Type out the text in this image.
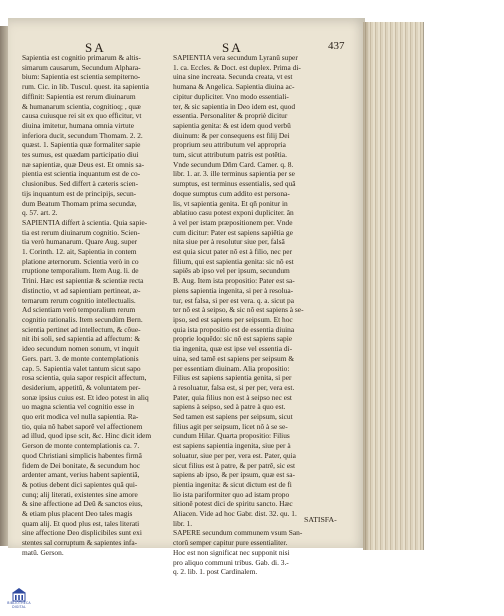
SA	SA	437
Sapientia est cognitio primarum & altis-
simarum causarum, Secundum Alphara-
bium: Sapientia est scientia sempiterno-
rum. Cic. in lib. Tuscul. quest. ita sapientia
diffinit: Sapientia est rerum diuinarum
& humanarum scientia, cognitioq; , quæ
causa cuiusque rei sit ex quo efficitur, vt
diuina imitetur, humana omnia virtute
inferiora ducit, secundum Thomam. 2. 2.
quæst. 1. Sapientia quæ formaliter sapie
tes sumus, est quædam participatio diui
næ sapientiæ, quæ Deus est. Et omnis sa-
pientia est scientia inquantum est de co-
clusionibus. Sed differt à cæteris scien-
tijs inquantum est de principijs, secun-
dum Beatum Thomam prima secundæ,
q. 57. art. 2.
SAPIENTIA differt à scientia. Quia sapie-
tia est rerum diuinarum cognitio. Scien-
tia verò humanarum. Quare Aug. super
1. Corinth. 12. ait, Sapientia in contem
platione æternorum. Scientia verò in co
rruptione temporalium. Item Aug. li. de
Trini. Hæc est sapientiæ & scientiæ recta
distinctio, vt ad sapientiam pertineat, æ-
ternarum rerum cognitio intellectualis.
Ad scientiam verò temporalium rerum
cognitio rationalis. Item secundùm Bern.
scientia pertinet ad intellectum, & cõue-
nit ibi soli, sed sapientia ad affectum: &
ideo secundum nomen sonum, vt inquit
Gers. part. 3. de monte contemplationis
cap. 5. Sapientia valet tantum sicut sapo
rosa scientia, quia sapor respicit affectum,
desiderium, appetitũ, & voluntatem per-
sonæ ipsius cuius est. Et ideo potest in aliq
uo magna scientia vel cognitio esse in
quo erit modica vel nulla sapientia. Ra-
tio, quia nõ habet saporẽ vel affectionem
ad illud, quod ipse scit, &c. Hinc dicit idem
Gerson de monte contemplationis ca. 7.
quod Christiani simplicis habentes firmã
fidem de Dei bonitate, & secundum hoc
ardenter amant, verius habent sapientiã,
& potius debent dici sapientes quã qui-
cunq; alij literati, existentes sine amore
& sine affectione ad Deũ & sanctos eius,
& etiam plus placent Deo tales magis
quam alij. Et quod plus est, tales literati
sine affectione Deo displicibiles sunt exi
stentes sal corruptum & sapientes infa-
matũ. Gerson.
SAPIENTIA vera secundum Lyranũ super
1. ca. Eccles. & Doct. est duplex. Prima di-
uina sine increata. Secunda creata, vt est
humana & Angelica. Sapientia diuina ac-
cipitur dupliciter. Vno modo essentiali-
ter, & sic sapientia in Deo idem est, quod
essentia. Personaliter & propriè dicitur
sapientia genita: & est idem quod verbũ
diuinum: & per consequens est filij Dei
proprium seu attributum vel appropria
tum, sicut attributum patris est potẽtia.
Vnde secundum Dñm Card. Camer. q. 8.
libr. 1. ar. 3. ille terminus sapientia per se
sumptus, est terminus essentialis, sed quã
doque sumptus cum addito est persona-
lis, vt sapientia genita. Et qñ ponitur in
ablatiuo casu potest exponi dupliciter. ãn
à vel per istam præpositionem per. Vnde
cum dicitur: Pater est sapiens sapiẽtia ge
nita siue per à resolutur siue per, falsã
est quia sicut pater nõ est à filio, nec per
filium, qui est sapientia genita: sic nõ est
sapiẽs ab ipso vel per ipsum, secundum
B. Aug. Item ista propositio: Pater est sa-
piens sapientia ingenita, si per à resolua-
tur, est falsa, si per est vera. q. a. sicut pa
ter nõ est à seipso, & sic nõ est sapiens à se-
ipso, sed est sapiens per seipsum. Et hoc
quia ista propositio est de essentia diuina
proprie loquẽdo: sic nõ est sapiens sapie
tia ingenita, quæ est ipse vel essentia di-
uina, sed tamẽ est sapiens per seipsum &
per essentiam diuinam. Alia propositio:
Filius est sapiens sapientia genita, si per
à resoluatur, falsa est, si per per, vera est.
Pater, quia filius non est à seipso nec est
sapiens à seipso, sed à patre à quo est.
Sed tamen est sapiens per seipsum, sicut
filius agit per seipsum, licet nõ à se se-
cundum Hilar. Quarta propositio: Filius
est sapiens sapientia ingenita, siue per à
soluatur, siue per per, vera est. Pater, quia
sicut filius est à patre, & per patrẽ, sic est
sapiens ab ipso, & per ipsum, quæ est sa-
pientia ingenita: & sicut dictum est de fi
lio ista pariformiter quo ad istam propo
sitionẽ potest dici de spiritu sancto. Hæc
Aliacen. Vide ad hoc Gabr. dist. 32. qu. 1.
libr. 1.
SAPERE secundum communem vsum San-
ctorũ semper capitur pure essentialiter.
Hoc est non significat nec supponit nisi
pro aliquo communi tribus. Gab. di. 3.-
q. 2. lib. 1. post Cardinalem.
SATISFA-
BIBLIOTHECA
DIGITAL
